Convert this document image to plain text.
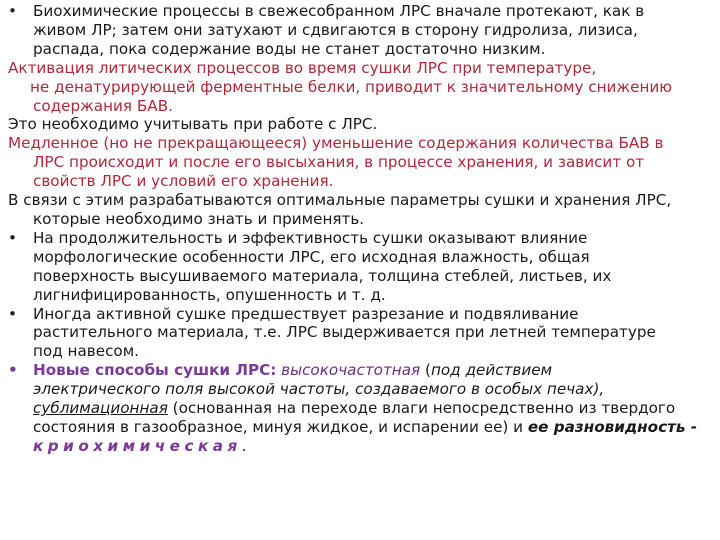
• Биохимические процессы в свежесобранном ЛРС вначале протекают, как в
живом ЛР; затем они затухают и сдвигаются в сторону гидролиза, лизиса,
распада, пока содержание воды не станет достаточно низким.

Активация литических процессов во время сушки ЛРС при температуре,
не денатурирующей ферментные белки, приводит к значительному снижению
содержания БАВ.

Это необходимо учитывать при работе с ЛРС.

Медленное (но не прекращающееся) уменьшение содержания количества БАВ в
ЛРС происходит и после его высыхания, в процессе хранения, и зависит от
свойств ЛРС и условий его хранения.

В связи с этим разрабатываются оптимальные параметры сушки и хранения ЛРС,
которые необходимо знать и применять.

• На продолжительность и эффективность сушки оказывают влияние
морфологические особенности ЛРС, его исходная влажность, общая
поверхность высушиваемого материала, толщина стеблей, листьев, их
лигнифицированность, опушенность и т. д.

• Иногда активной сушке предшествует разрезание и подвяливание
растительного материала, т.е. ЛРС выдерживается при летней температуре
под навесом.

• Новые способы сушки ЛРС: высокочастотная (под действием
электрического поля высокой частоты, создаваемого в особых печах),
сублимационная (основанная на переходе влаги непосредственно из твердого
состояния в газообразное, минуя жидкое, и испарении ее) и ее разновидность -
криохимическая.
